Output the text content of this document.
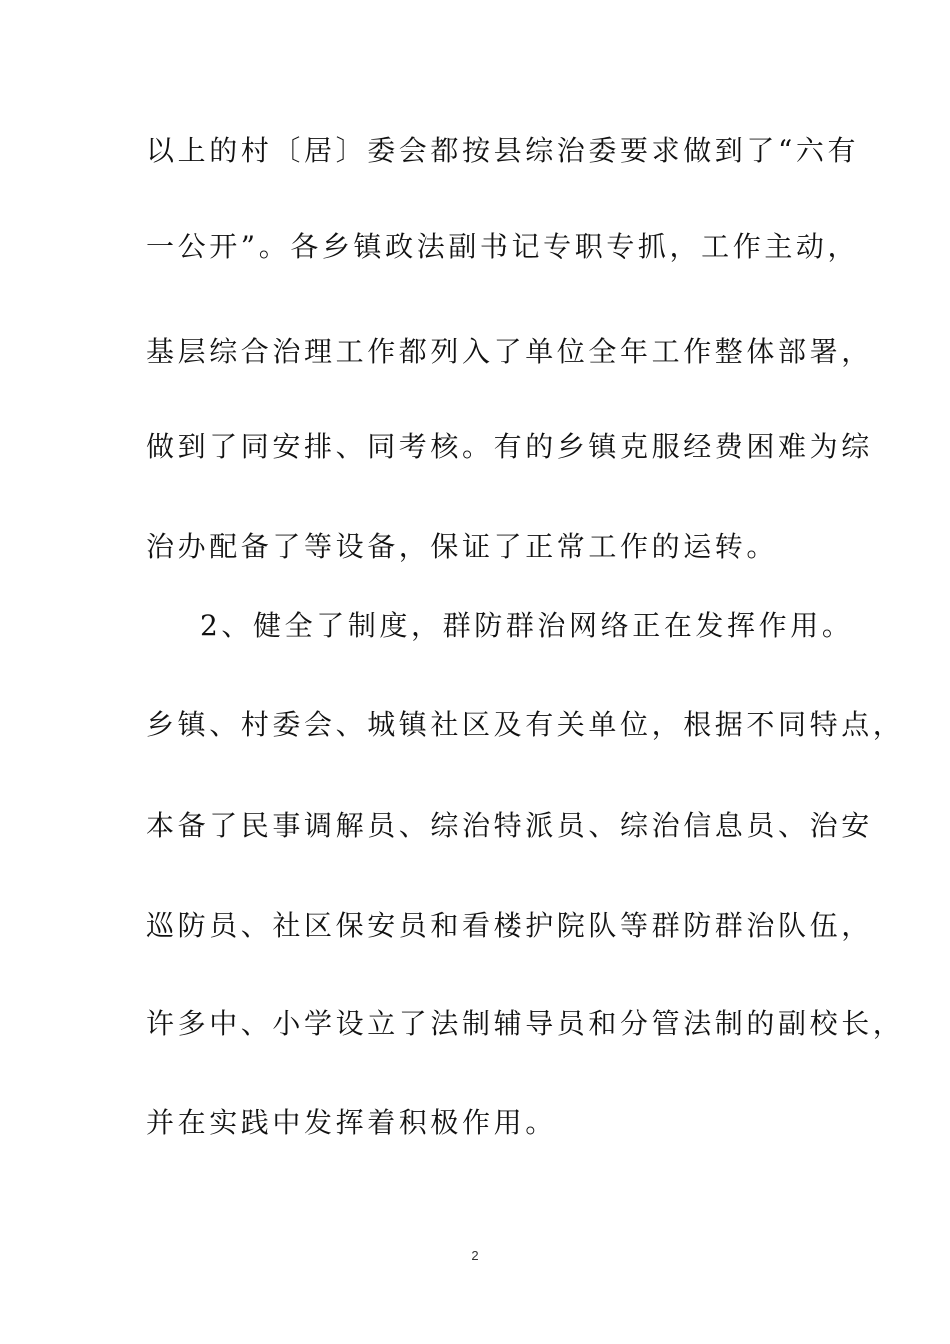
以上的村〔居〕委会都按县综治委要求做到了“六有
一公开”。各乡镇政法副书记专职专抓，工作主动，
基层综合治理工作都列入了单位全年工作整体部署，
做到了同安排、同考核。有的乡镇克服经费困难为综
治办配备了等设备，保证了正常工作的运转。
2、健全了制度，群防群治网络正在发挥作用。
乡镇、村委会、城镇社区及有关单位，根据不同特点，
本备了民事调解员、综治特派员、综治信息员、治安
巡防员、社区保安员和看楼护院队等群防群治队伍，
许多中、小学设立了法制辅导员和分管法制的副校长，
并在实践中发挥着积极作用。
2
